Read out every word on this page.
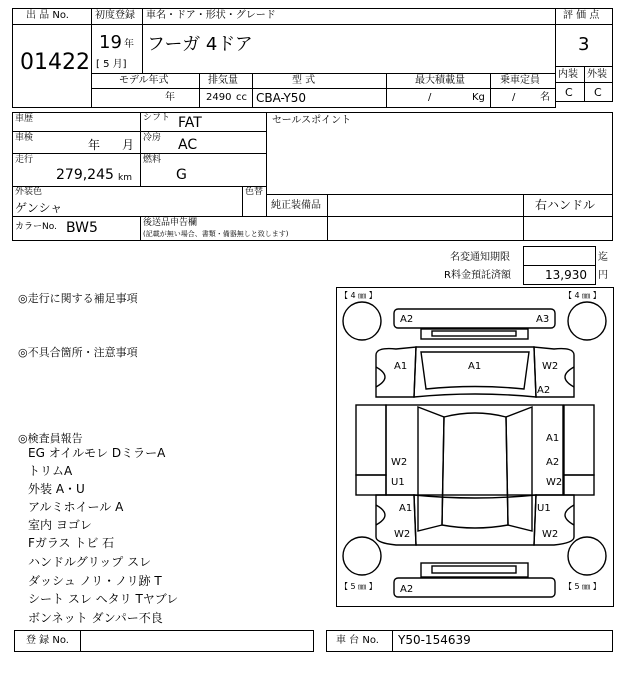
出 品 No.
01422
初度登録 車名・ドア・形状・グレード
19 年
[ 5 月]
フーガ 4ドア
評 価 点
3
内装 外装
C C
モデル年式	排気量	型 式	最大積載量	乗車定員
年	2490 cc CBA-Y50	/	Kg	/ 名
車歴	シフト FAT
車検	年 月 冷房 AC
走行
279,245 km
燃料
G
外装色
ゲンシャ
色替
セールスポイント
純正装備品	右ハンドル
カラーNo. BW5	後送品申告欄
(記載が無い場合、書類・備器無しと致します)
名変通知期限	迄
R料金預託済額	13,930 円
◎走行に関する補足事項
◎不具合箇所・注意事項
◎検査員報告
EG オイルモレ DミラーA
トリムA
外装 A・U
アルミホイール A
室内 ヨゴレ
Fガラス トビ 石
ハンドルグリップ スレ
ダッシュ ノリ・ノリ跡 T
シート スレ ヘタリ Tヤブレ
ボンネット ダンパー不良
【 4 ㎜ 】	【 4 ㎜ 】
【 5 ㎜ 】	【 5 ㎜ 】
A2	A3
A1	A1	W2
A2
A1
W2	A2
U1	W2
A1	U1
W2	W2
A2
登 録 No.	車 台 No. Y50-154639
